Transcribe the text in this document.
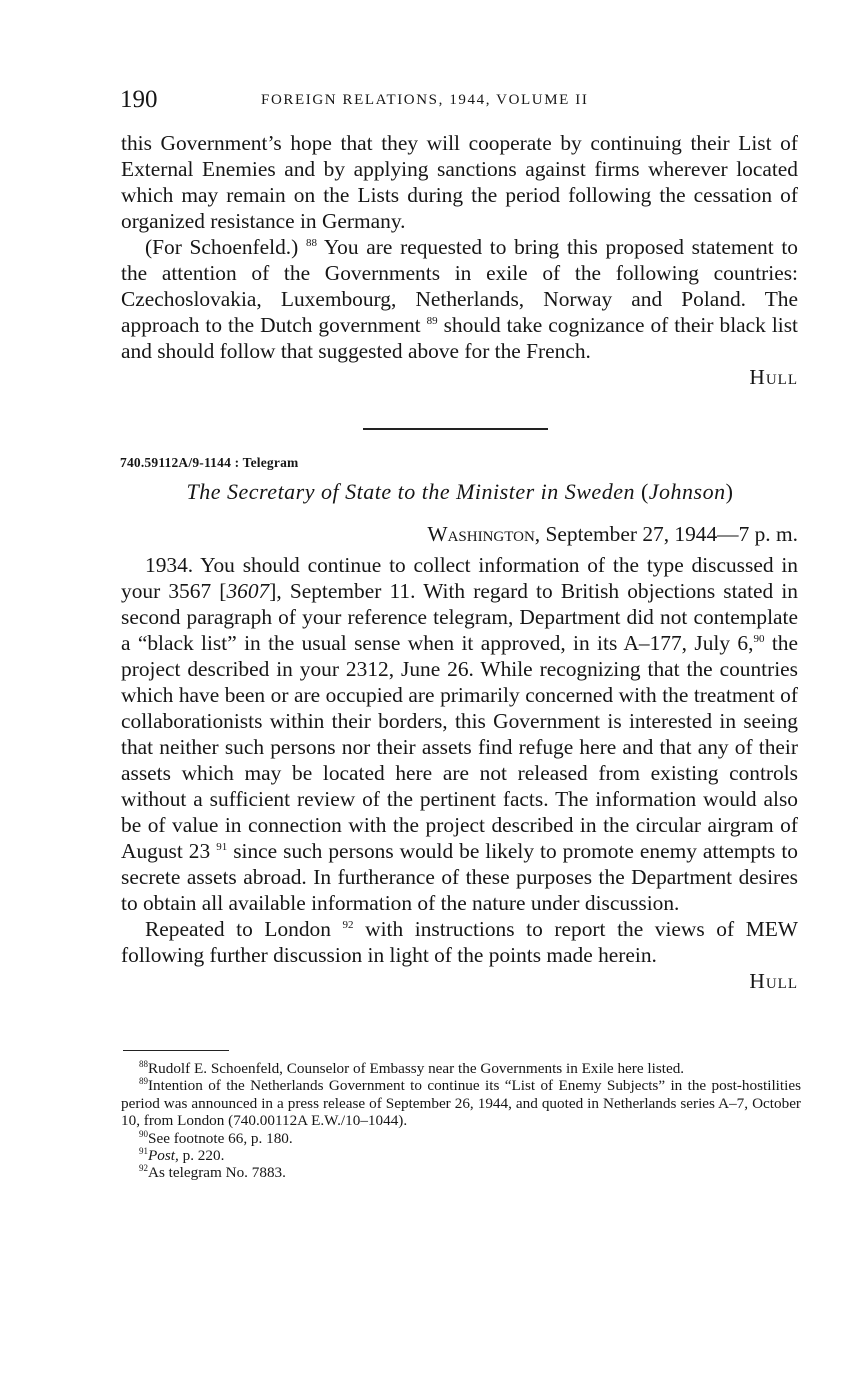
190	FOREIGN RELATIONS, 1944, VOLUME II

this Government’s hope that they will cooperate by continuing their List of External Enemies and by applying sanctions against firms wherever located which may remain on the Lists during the period following the cessation of organized resistance in Germany.

(For Schoenfeld.) $^{88}$ You are requested to bring this proposed statement to the attention of the Governments in exile of the following countries: Czechoslovakia, Luxembourg, Netherlands, Norway and Poland. The approach to the Dutch government $^{89}$ should take cognizance of their black list and should follow that suggested above for the French.

Hull

740.59112A/9-1144 : Telegram
The Secretary of State to the Minister in Sweden (Johnson)
Washington, September 27, 1944—7 p. m.

1934. You should continue to collect information of the type discussed in your 3567 [3607], September 11. With regard to British objections stated in second paragraph of your reference telegram, Department did not contemplate a “black list” in the usual sense when it approved, in its A–177, July 6,90 the project described in your 2312, June 26. While recognizing that the countries which have been or are occupied are primarily concerned with the treatment of collaborationists within their borders, this Government is interested in seeing that neither such persons nor their assets find refuge here and that any of their assets which may be located here are not released from existing controls without a sufficient review of the pertinent facts. The information would also be of value in connection with the project described in the circular airgram of August 23 $^{91}$ since such persons would be likely to promote enemy attempts to secrete assets abroad. In furtherance of these purposes the Department desires to obtain all available information of the nature under discussion.

Repeated to London $^{92}$ with instructions to report the views of MEW following further discussion in light of the points made herein.

Hull

$^{88}$Rudolf E. Schoenfeld, Counselor of Embassy near the Governments in Exile here listed.

$^{89}$Intention of the Netherlands Government to continue its “List of Enemy Subjects” in the post-hostilities period was announced in a press release of September 26, 1944, and quoted in Netherlands series A–7, October 10, from London (740.00112A E.W./10–1044).

$^{90}$See footnote 66, p. 180.

$^{91}$Post, p. 220.

$^{92}$As telegram No. 7883.
